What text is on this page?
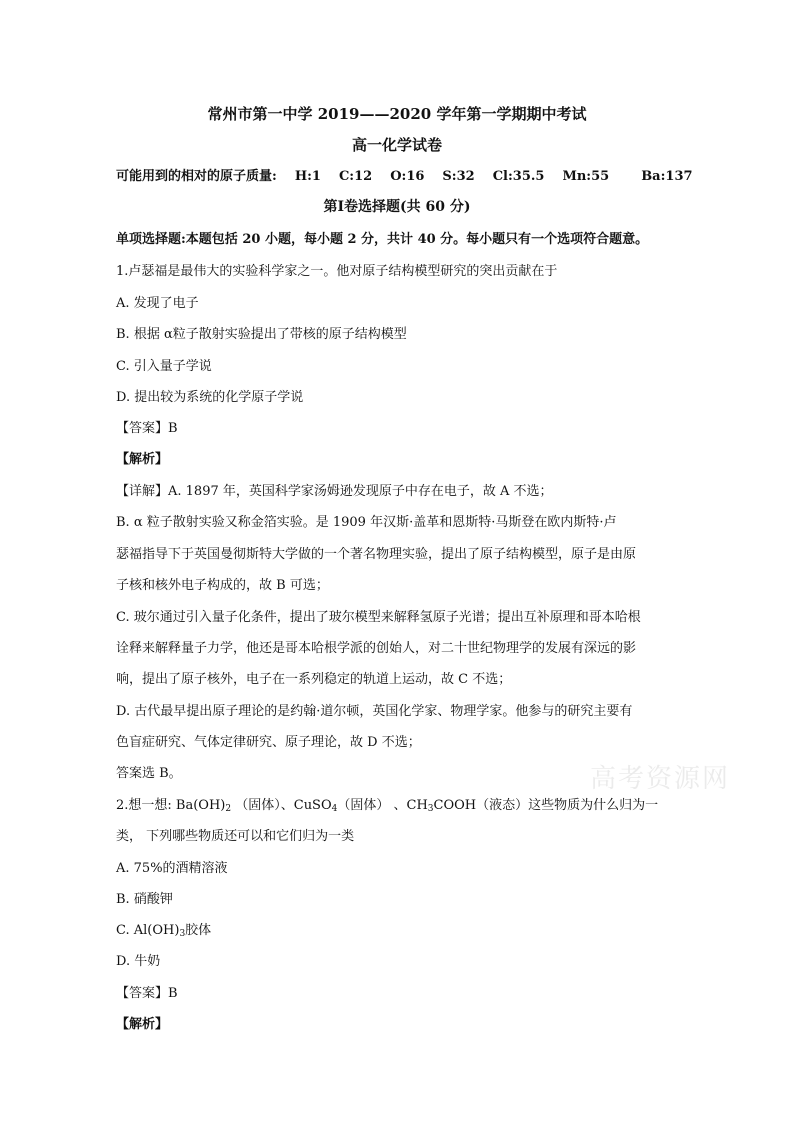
常州市第一中学 2019——2020 学年第一学期期中考试
高一化学试卷
可能用到的相对的原子质量: H:1 C:12 O:16 S:32 Cl:35.5 Mn:55 Ba:137
第Ⅰ卷选择题(共 60 分)
单项选择题:本题包括 20 小题，每小题 2 分，共计 40 分。每小题只有一个选项符合题意。
1.卢瑟福是最伟大的实验科学家之一。他对原子结构模型研究的突出贡献在于
A. 发现了电子
B. 根据 α粒子散射实验提出了带核的原子结构模型
C. 引入量子学说
D. 提出较为系统的化学原子学说
【答案】B
【解析】
【详解】A. 1897 年，英国科学家汤姆逊发现原子中存在电子，故 A 不选；
B. α 粒子散射实验又称金箔实验。是 1909 年汉斯·盖革和恩斯特·马斯登在欧内斯特·卢
瑟福指导下于英国曼彻斯特大学做的一个著名物理实验，提出了原子结构模型，原子是由原
子核和核外电子构成的，故 B 可选；
C. 玻尔通过引入量子化条件，提出了玻尔模型来解释氢原子光谱；提出互补原理和哥本哈根
诠释来解释量子力学，他还是哥本哈根学派的创始人，对二十世纪物理学的发展有深远的影
响，提出了原子核外，电子在一系列稳定的轨道上运动，故 C 不选；
D. 古代最早提出原子理论的是约翰·道尔顿，英国化学家、物理学家。他参与的研究主要有
色盲症研究、气体定律研究、原子理论，故 D 不选；
答案选 B。	高考资源网
2.想一想: $Ba(OH)_2$ （固体）、CuSO$_4$（固体） 、$CH_3COOH$（液态）这些物质为什么归为一
类， 下列哪些物质还可以和它们归为一类
A. 75%的酒精溶液
B. 硝酸钾
C. $Al(OH)_3$胶体
D. 牛奶
【答案】B
【解析】
